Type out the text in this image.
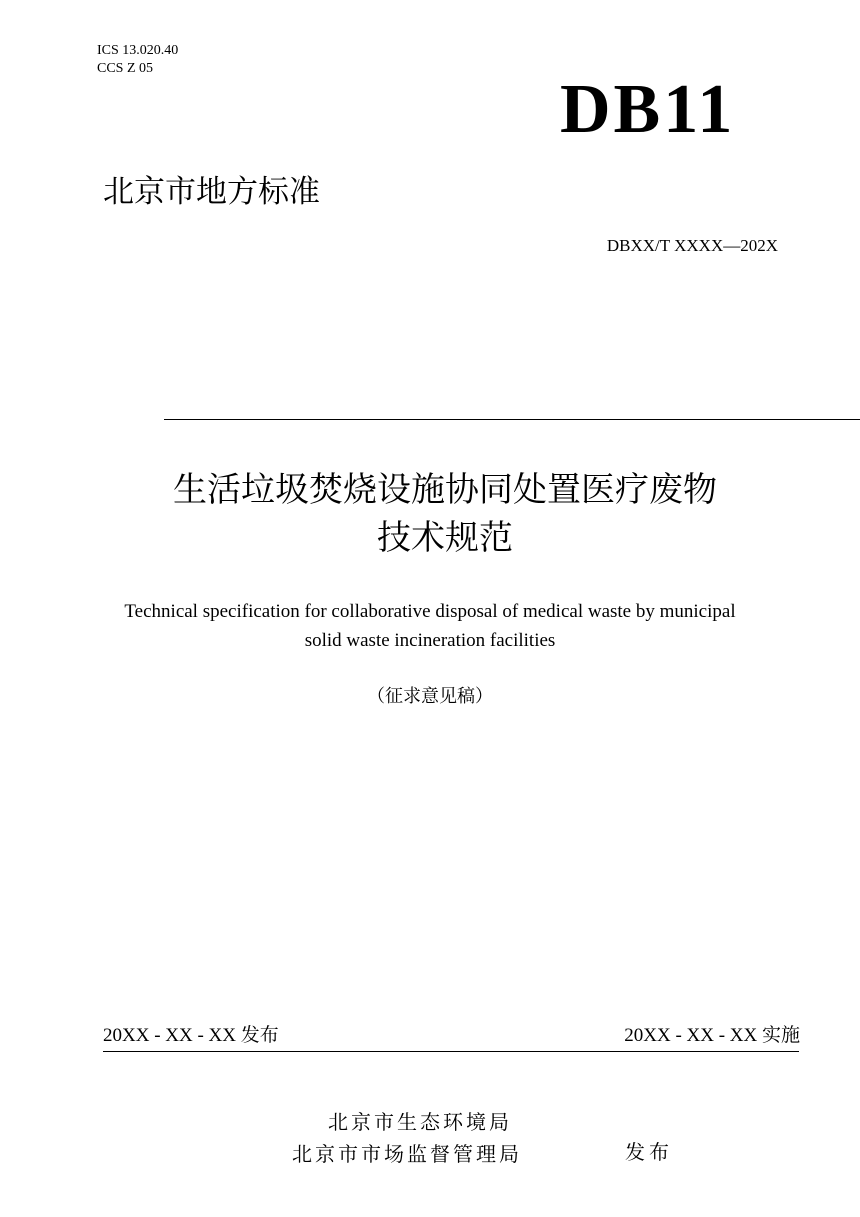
ICS 13.020.40
CCS Z 05
DB11
北京市地方标准
DBXX/T XXXX—202X
生活垃圾焚烧设施协同处置医疗废物
技术规范
Technical specification for collaborative disposal of medical waste by municipal
solid waste incineration facilities
（征求意见稿）
20XX - XX - XX 发布	20XX - XX - XX 实施
北京市生态环境局
北京市市场监督管理局	发布
